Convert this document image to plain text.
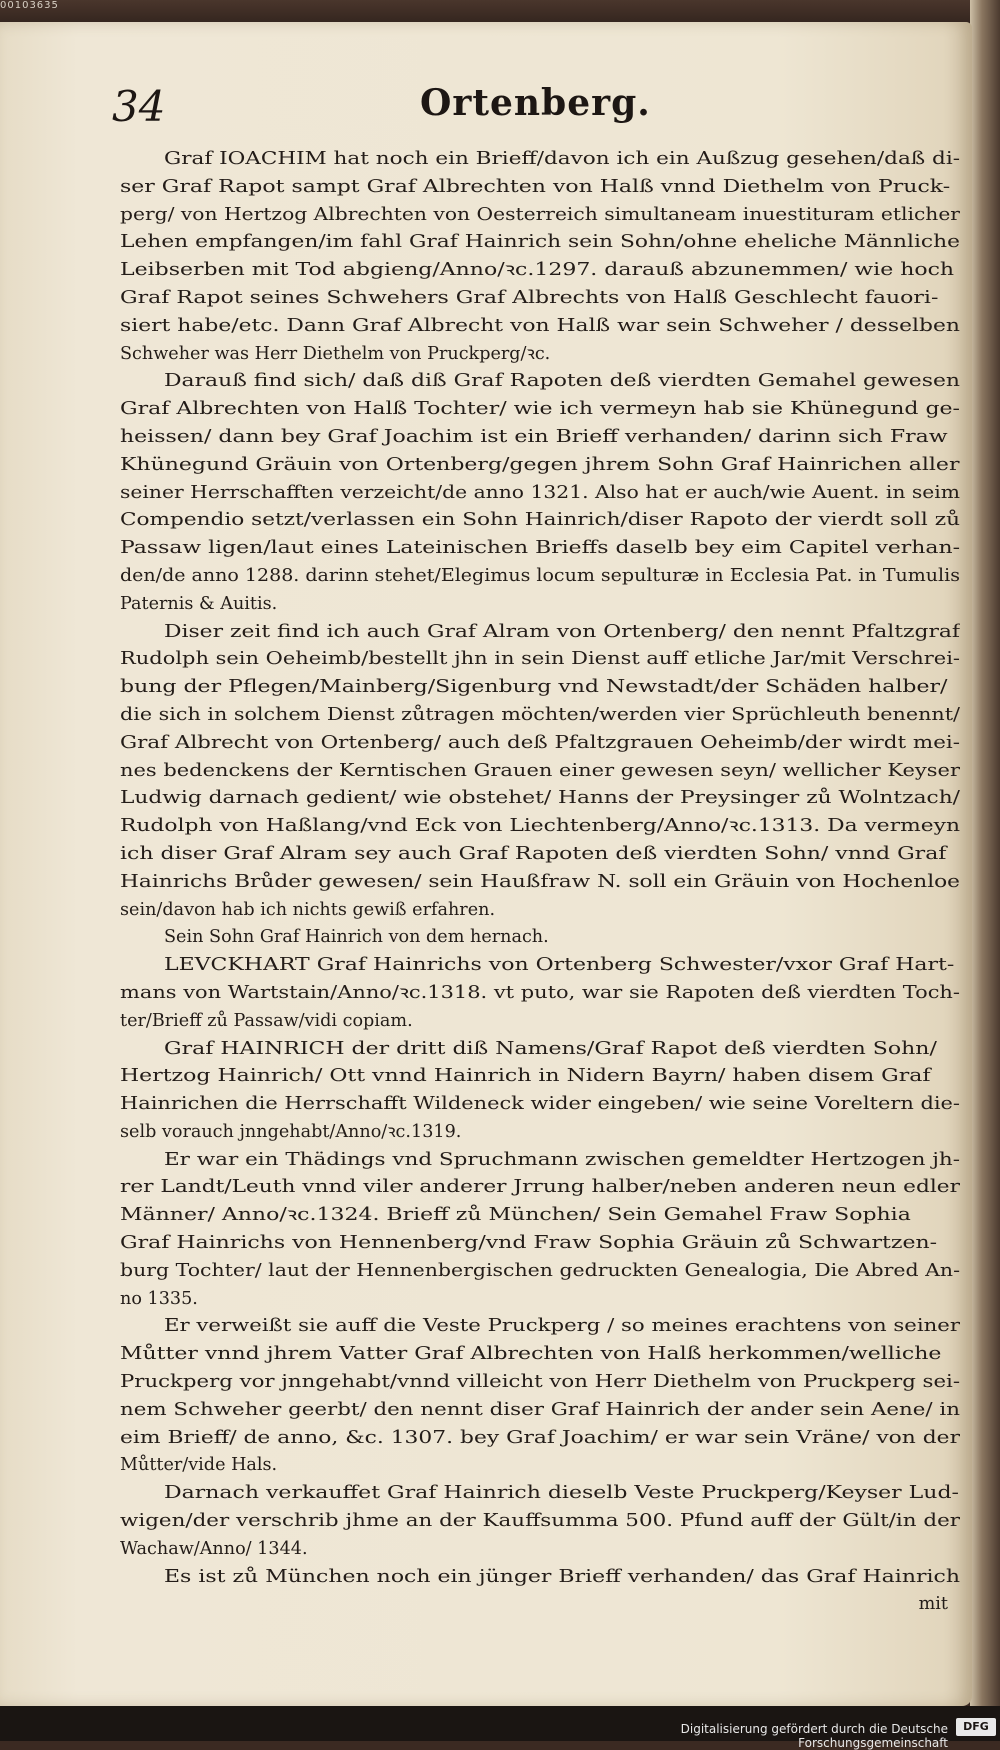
00103635
34	Ortenberg.
Graf IOACHIM hat noch ein Brieff/davon ich ein Außzug gesehen/daß di-
ser Graf Rapot sampt Graf Albrechten von Halß vnnd Diethelm von Pruck-
perg/ von Hertzog Albrechten von Oesterreich simultaneam inuestituram etlicher
Lehen empfangen/im fahl Graf Hainrich sein Sohn/ohne eheliche Männliche
Leibserben mit Tod abgieng/Anno/ꝛc.1297. darauß abzunemmen/ wie hoch
Graf Rapot seines Schwehers Graf Albrechts von Halß Geschlecht fauori-
siert habe/etc. Dann Graf Albrecht von Halß war sein Schweher / desselben
Schweher was Herr Diethelm von Pruckperg/ꝛc.
Darauß find sich/ daß diß Graf Rapoten deß vierdten Gemahel gewesen
Graf Albrechten von Halß Tochter/ wie ich vermeyn hab sie Khünegund ge-
heissen/ dann bey Graf Joachim ist ein Brieff verhanden/ darinn sich Fraw
Khünegund Gräuin von Ortenberg/gegen jhrem Sohn Graf Hainrichen aller
seiner Herrschafften verzeicht/de anno 1321. Also hat er auch/wie Auent. in seim
Compendio setzt/verlassen ein Sohn Hainrich/diser Rapoto der vierdt soll zů
Passaw ligen/laut eines Lateinischen Brieffs daselb bey eim Capitel verhan-
den/de anno 1288. darinn stehet/Elegimus locum sepulturæ in Ecclesia Pat. in Tumulis
Paternis & Auitis.
Diser zeit find ich auch Graf Alram von Ortenberg/ den nennt Pfaltzgraf
Rudolph sein Oeheimb/bestellt jhn in sein Dienst auff etliche Jar/mit Verschrei-
bung der Pflegen/Mainberg/Sigenburg vnd Newstadt/der Schäden halber/
die sich in solchem Dienst zůtragen möchten/werden vier Sprüchleuth benennt/
Graf Albrecht von Ortenberg/ auch deß Pfaltzgrauen Oeheimb/der wirdt mei-
nes bedenckens der Kerntischen Grauen einer gewesen seyn/ wellicher Keyser
Ludwig darnach gedient/ wie obstehet/ Hanns der Preysinger zů Wolntzach/
Rudolph von Haßlang/vnd Eck von Liechtenberg/Anno/ꝛc.1313. Da vermeyn
ich diser Graf Alram sey auch Graf Rapoten deß vierdten Sohn/ vnnd Graf
Hainrichs Brůder gewesen/ sein Haußfraw N. soll ein Gräuin von Hochenloe
sein/davon hab ich nichts gewiß erfahren.
Sein Sohn Graf Hainrich von dem hernach.
LEVCKHART Graf Hainrichs von Ortenberg Schwester/vxor Graf Hart-
mans von Wartstain/Anno/ꝛc.1318. vt puto, war sie Rapoten deß vierdten Toch-
ter/Brieff zů Passaw/vidi copiam.
Graf HAINRICH der dritt diß Namens/Graf Rapot deß vierdten Sohn/
Hertzog Hainrich/ Ott vnnd Hainrich in Nidern Bayrn/ haben disem Graf
Hainrichen die Herrschafft Wildeneck wider eingeben/ wie seine Voreltern die-
selb vorauch jnngehabt/Anno/ꝛc.1319.
Er war ein Thädings vnd Spruchmann zwischen gemeldter Hertzogen jh-
rer Landt/Leuth vnnd viler anderer Jrrung halber/neben anderen neun edler
Männer/ Anno/ꝛc.1324. Brieff zů München/ Sein Gemahel Fraw Sophia
Graf Hainrichs von Hennenberg/vnd Fraw Sophia Gräuin zů Schwartzen-
burg Tochter/ laut der Hennenbergischen gedruckten Genealogia, Die Abred An-
no 1335.
Er verweißt sie auff die Veste Pruckperg / so meines erachtens von seiner
Můtter vnnd jhrem Vatter Graf Albrechten von Halß herkommen/welliche
Pruckperg vor jnngehabt/vnnd villeicht von Herr Diethelm von Pruckperg sei-
nem Schweher geerbt/ den nennt diser Graf Hainrich der ander sein Aene/ in
eim Brieff/ de anno, &c. 1307. bey Graf Joachim/ er war sein Vräne/ von der
Můtter/vide Hals.
Darnach verkauffet Graf Hainrich dieselb Veste Pruckperg/Keyser Lud-
wigen/der verschrib jhme an der Kauffsumma 500. Pfund auff der Gült/in der
Wachaw/Anno/ 1344.
Es ist zů München noch ein jünger Brieff verhanden/ das Graf Hainrich
mit
Digitalisierung gefördert durch die Deutsche Forschungsgemeinschaft
DFG
